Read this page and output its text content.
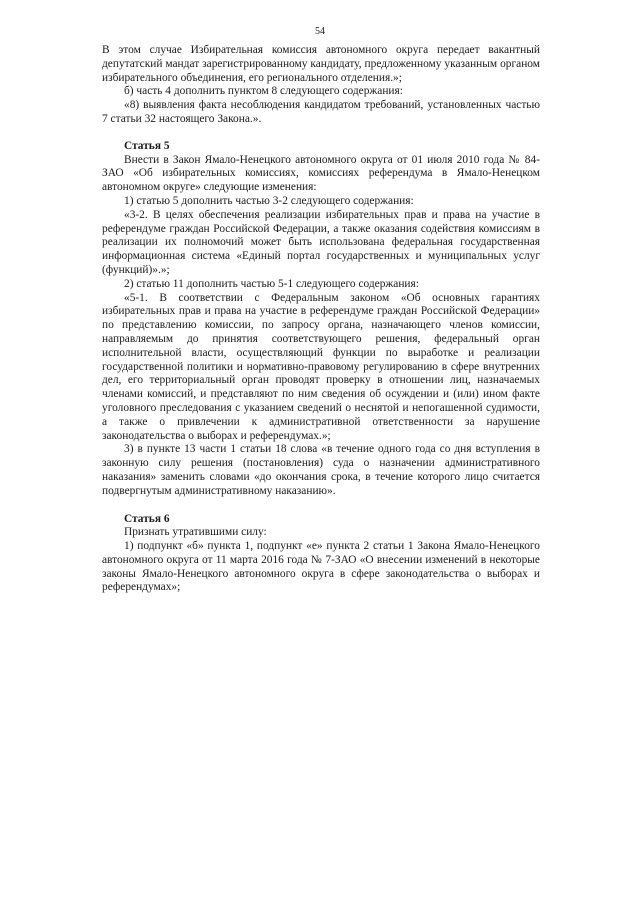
54

В этом случае Избирательная комиссия автономного округа передает вакантный депутатский мандат зарегистрированному кандидату, предложенному указанным органом избирательного объединения, его регионального отделения.»;

б) часть 4 дополнить пунктом 8 следующего содержания:

«8) выявления факта несоблюдения кандидатом требований, установленных частью 7 статьи 32 настоящего Закона.».

Статья 5

Внести в Закон Ямало-Ненецкого автономного округа от 01 июля 2010 года № 84-ЗАО «Об избирательных комиссиях, комиссиях референдума в Ямало-Ненецком автономном округе» следующие изменения:

1) статью 5 дополнить частью 3-2 следующего содержания:

«3-2. В целях обеспечения реализации избирательных прав и права на участие в референдуме граждан Российской Федерации, а также оказания содействия комиссиям в реализации их полномочий может быть использована федеральная государственная информационная система «Единый портал государственных и муниципальных услуг (функций)».»;

2) статью 11 дополнить частью 5-1 следующего содержания:

«5-1. В соответствии с Федеральным законом «Об основных гарантиях избирательных прав и права на участие в референдуме граждан Российской Федерации» по представлению комиссии, по запросу органа, назначающего членов комиссии, направляемым до принятия соответствующего решения, федеральный орган исполнительной власти, осуществляющий функции по выработке и реализации государственной политики и нормативно-правовому регулированию в сфере внутренних дел, его территориальный орган проводят проверку в отношении лиц, назначаемых членами комиссий, и представляют по ним сведения об осуждении и (или) ином факте уголовного преследования с указанием сведений о неснятой и непогашенной судимости, а также о привлечении к административной ответственности за нарушение законодательства о выборах и референдумах.»;

3) в пункте 13 части 1 статьи 18 слова «в течение одного года со дня вступления в законную силу решения (постановления) суда о назначении административного наказания» заменить словами «до окончания срока, в течение которого лицо считается подвергнутым административному наказанию».

Статья 6

Признать утратившими силу:

1) подпункт «б» пункта 1, подпункт «е» пункта 2 статьи 1 Закона Ямало-Ненецкого автономного округа от 11 марта 2016 года № 7-ЗАО «О внесении изменений в некоторые законы Ямало-Ненецкого автономного округа в сфере законодательства о выборах и референдумах»;
